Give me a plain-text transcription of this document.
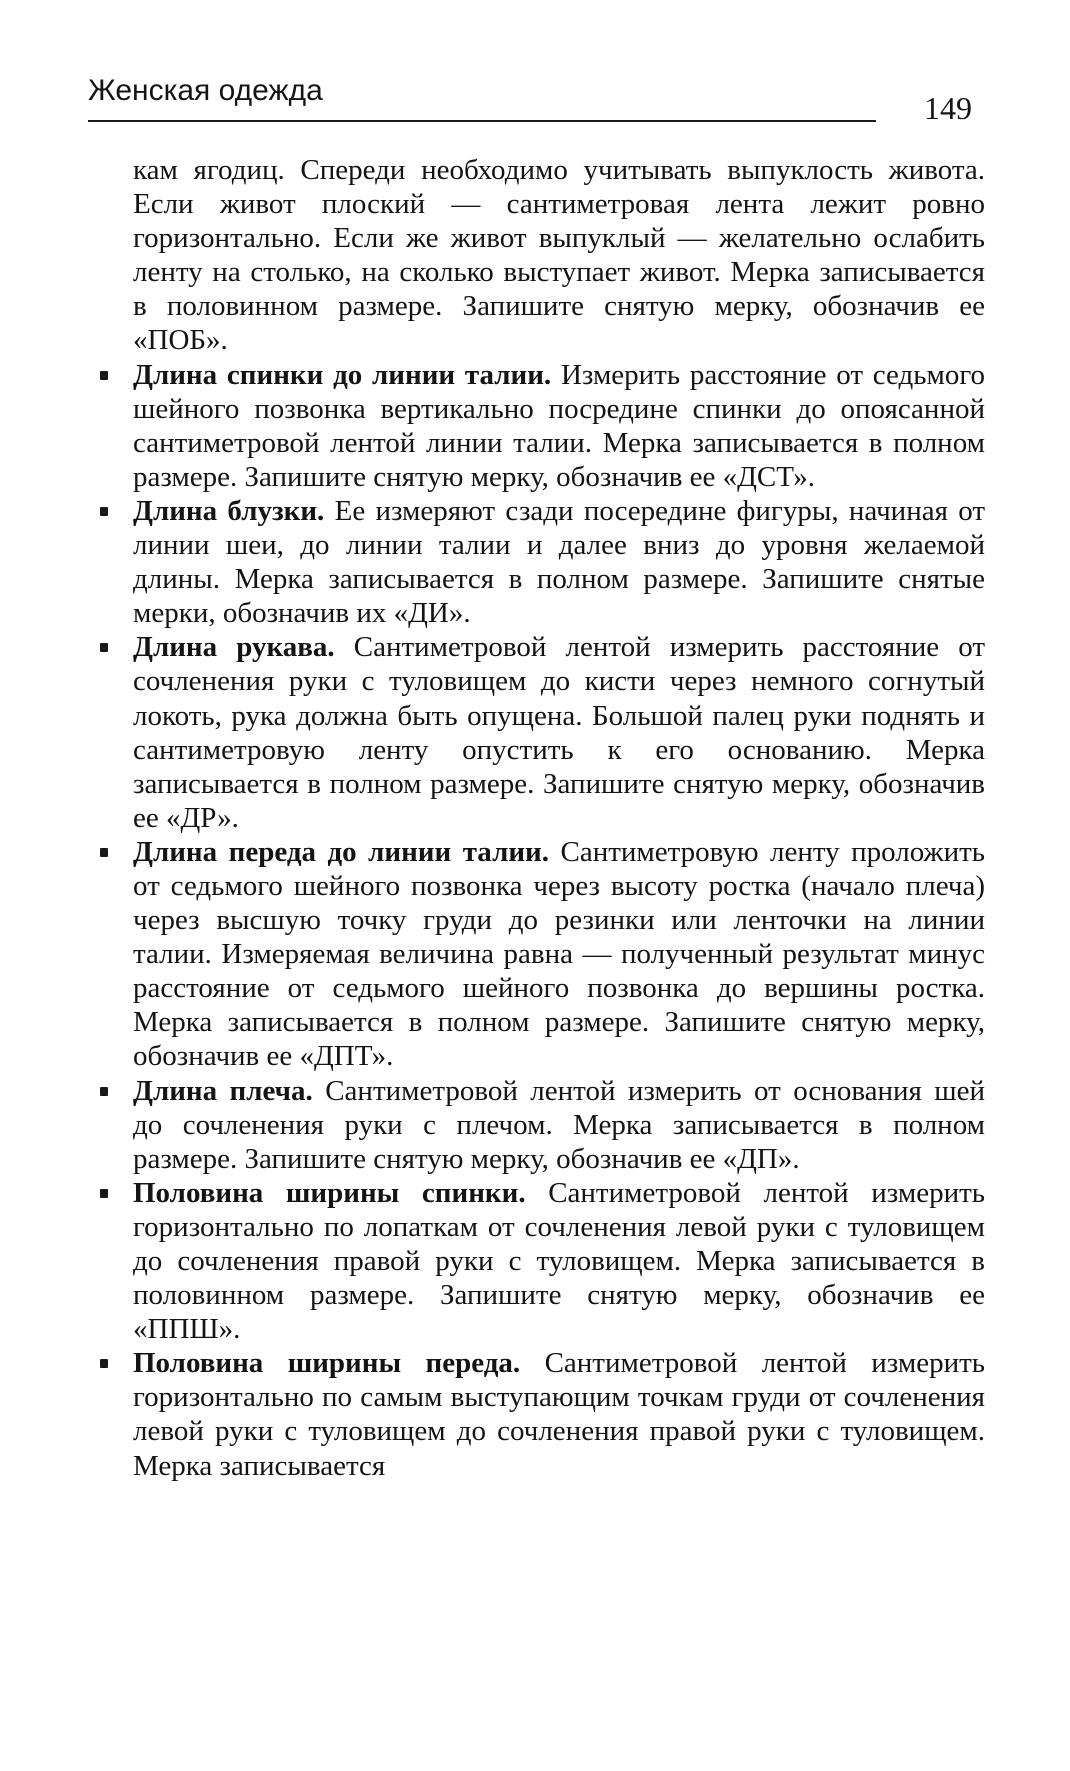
Женская одежда	149

кам ягодиц. Спереди необходимо учитывать выпуклость живота. Если живот плоский — сантиметровая лента лежит ровно горизонтально. Если же живот выпуклый — желательно ослабить ленту на столько, на сколько выступает живот. Мерка записывается в половинном размере. Запишите снятую мерку, обозначив ее «ПОБ».

Длина спинки до линии талии. Измерить расстояние от седьмого шейного позвонка вертикально посредине спинки до опоясанной сантиметровой лентой линии талии. Мерка записывается в полном размере. Запишите снятую мерку, обозначив ее «ДСТ».
Длина блузки. Ее измеряют сзади посередине фигуры, начиная от линии шеи, до линии талии и далее вниз до уровня желаемой длины. Мерка записывается в полном размере. Запишите снятые мерки, обозначив их «ДИ».
Длина рукава. Сантиметровой лентой измерить расстояние от сочленения руки с туловищем до кисти через немного согнутый локоть, рука должна быть опущена. Большой палец руки поднять и сантиметровую ленту опустить к его основанию. Мерка записывается в полном размере. Запишите снятую мерку, обозначив ее «ДР».
Длина переда до линии талии. Сантиметровую ленту проложить от седьмого шейного позвонка через высоту ростка (начало плеча) через высшую точку груди до резинки или ленточки на линии талии. Измеряемая величина равна — полученный результат минус расстояние от седьмого шейного позвонка до вершины ростка. Мерка записывается в полном размере. Запишите снятую мерку, обозначив ее «ДПТ».
Длина плеча. Сантиметровой лентой измерить от основания шей до сочленения руки с плечом. Мерка записывается в полном размере. Запишите снятую мерку, обозначив ее «ДП».
Половина ширины спинки. Сантиметровой лентой измерить горизонтально по лопаткам от сочленения левой руки с туловищем до сочленения правой руки с туловищем. Мерка записывается в половинном размере. Запишите снятую мерку, обозначив ее «ППШ».
Половина ширины переда. Сантиметровой лентой измерить горизонтально по самым выступающим точкам груди от сочленения левой руки с туловищем до сочленения правой руки с туловищем. Мерка записывается
